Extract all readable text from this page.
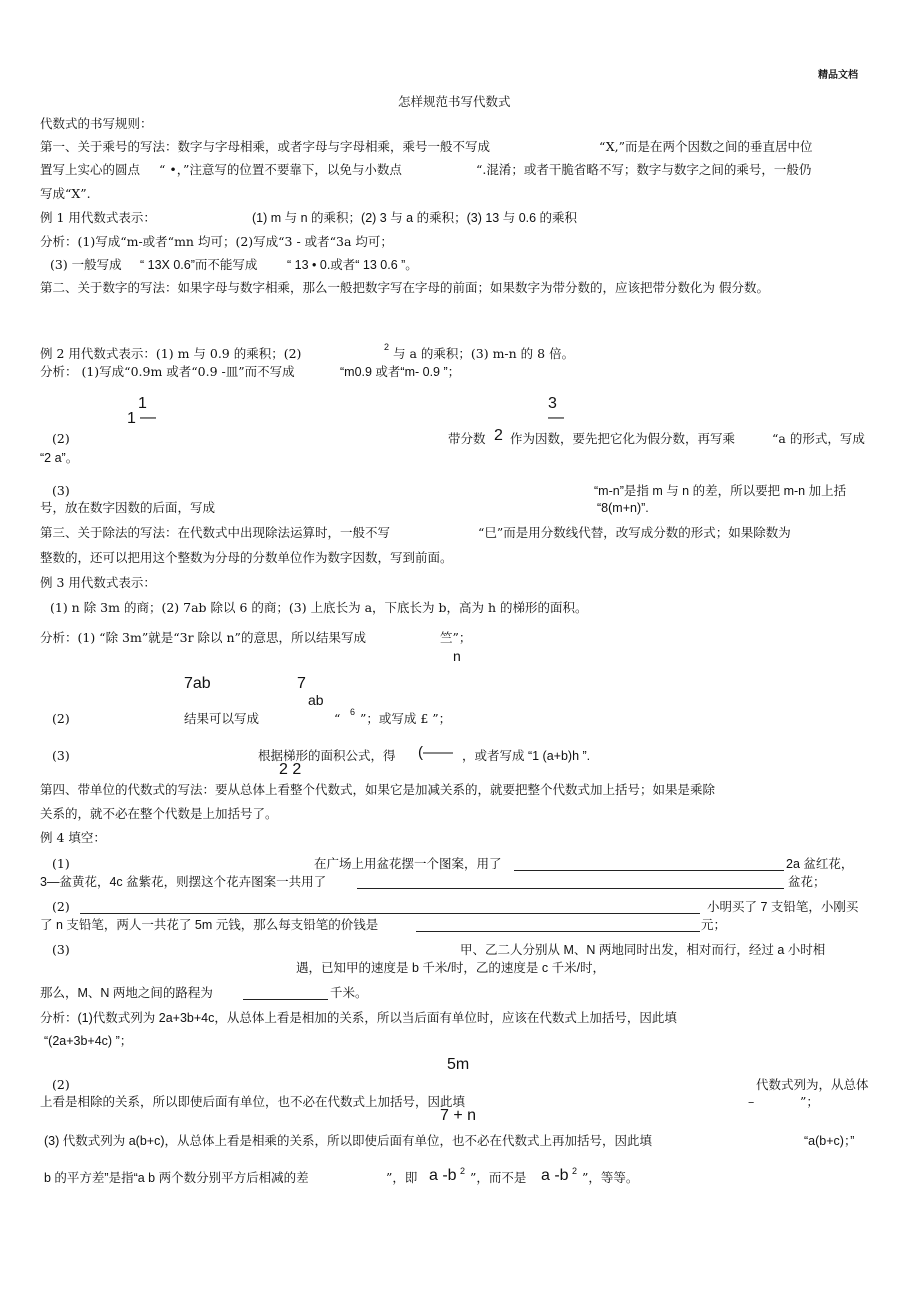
精品文档
怎样规范书写代数式
代数式的书写规则：
第一、关于乘号的写法：数字与字母相乘，或者字母与字母相乘，乘号一般不写成	“X,”而是在两个因数之间的垂直居中位
置写上实心的圆点 “ •，”注意写的位置不要靠下，以免与小数点	“.混淆；或者干脆省略不写；数字与数字之间的乘号，一般仍
写成“X”.
例 1 用代数式表示：	(1) m 与 n 的乘积；(2) 3 与 a 的乘积；(3) 13 与 0.6 的乘积
分析：(1)写成“m-或者“mn 均可；(2)写成“3 - 或者“3a 均可；
(3) 一般写成 “ 13X 0.6”而不能写成 “ 13 • 0.或者“ 13 0.6 ”。
第二、关于数字的写法：如果字母与数字相乘，那么一般把数字写在字母的前面；如果数字为带分数的，应该把带分数化为 假分数。
例 2 用代数式表示：(1) m 与 0.9 的乘积；(2)	2 与 a 的乘积；(3) m-n 的 8 倍。
分析： (1)写成“0.9m 或者“0.9 -皿”而不写成	“m0.9 或者“m- 0.9 ”；
1
1 —
3
—
(2)	带分数 2 作为因数，要先把它化为假分数，再写乘	“a 的形式，写成
“2 a”。
(3)	“m-n”是指 m 与 n 的差，所以要把 m-n 加上括
号，放在数字因数的后面，写成	“8(m+n)”.
第三、关于除法的写法：在代数式中出现除法运算时，一般不写	“巳”而是用分数线代替，改写成分数的形式；如果除数为
整数的，还可以把用这个整数为分母的分数单位作为数字因数，写到前面。
例 3 用代数式表示：
(1) n 除 3m 的商；(2) 7ab 除以 6 的商；(3) 上底长为 a，下底长为 b，高为 h 的梯形的面积。
分析：(1) “除 3m”就是“3r 除以 n”的意思，所以结果写成	竺”；
n
7ab	7
ab
(2)	结果可以写成	“ 6 ”；或写成 £ ”；
(3)	根据梯形的面积公式，得 (—— ，或者写成 “1 (a+b)h ”.
2 2
第四、带单位的代数式的写法：要从总体上看整个代数式，如果它是加减关系的，就要把整个代数式加上括号；如果是乘除
关系的，就不必在整个代数是上加括号了。
例 4 填空：
(1)	在广场上用盆花摆一个图案，用了	2a 盆红花，
3—盆黄花，4c 盆紫花，则摆这个花卉图案一共用了	盆花；
(2)	小明买了 7 支铅笔，小刚买
了 n 支铅笔，两人一共花了 5m 元钱，那么每支铅笔的价钱是	元；
(3)	甲、乙二人分别从 M、N 两地同时出发，相对而行，经过 a 小时相
遇，已知甲的速度是 b 千米/时，乙的速度是 c 千米/时，
那么，M、N 两地之间的路程为	千米。
分析：(1)代数式列为 2a+3b+4c，从总体上看是相加的关系，所以当后面有单位时，应该在代数式上加括号，因此填
“(2a+3b+4c) ”；
5m
(2)	代数式列为，从总体
上看是相除的关系，所以即使后面有单位，也不必在代数式上加括号，因此填	–	”；
7 + n
(3) 代数式列为 a(b+c)，从总体上看是相乘的关系，所以即使后面有单位，也不必在代数式上再加括号，因此填	“a(b+c)；”
b 的平方差”是指“a b 两个数分别平方后相减的差	”，即 a -b 2 ”，而不是 a -b 2 ”，等等。
